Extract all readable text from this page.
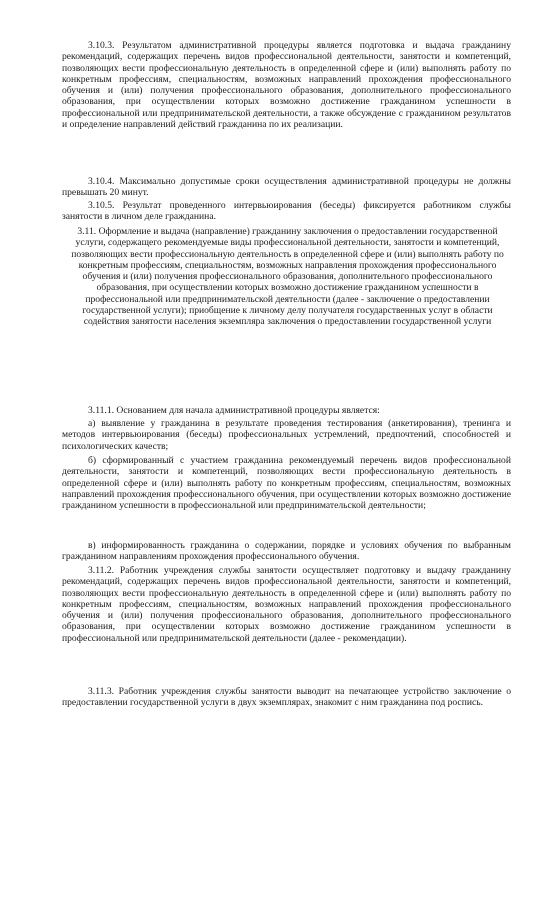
3.10.3. Результатом административной процедуры является подготовка и выдача гражданину рекомендаций, содержащих перечень видов профессиональной деятельности, занятости и компетенций, позволяющих вести профессиональную деятельность в определенной сфере и (или) выполнять работу по конкретным профессиям, специальностям, возможных направлений прохождения профессионального обучения и (или) получения профессионального образования, дополнительного профессионального образования, при осуществлении которых возможно достижение гражданином успешности в профессиональной или предпринимательской деятельности, а также обсуждение с гражданином результатов и определение направлений действий гражданина по их реализации.
3.10.4. Максимально допустимые сроки осуществления административной процедуры не должны превышать 20 минут.
3.10.5. Результат проведенного интервьюирования (беседы) фиксируется работником службы занятости в личном деле гражданина.
3.11. Оформление и выдача (направление) гражданину заключения о предоставлении государственной услуги, содержащего рекомендуемые виды профессиональной деятельности, занятости и компетенций, позволяющих вести профессиональную деятельность в определенной сфере и (или) выполнять работу по конкретным профессиям, специальностям, возможных направления прохождения профессионального обучения и (или) получения профессионального образования, дополнительного профессионального образования, при осуществлении которых возможно достижение гражданином успешности в профессиональной или предпринимательской деятельности (далее - заключение о предоставлении государственной услуги); приобщение к личному делу получателя государственных услуг в области содействия занятости населения экземпляра заключения о предоставлении государственной услуги
3.11.1. Основанием для начала административной процедуры является:
а) выявление у гражданина в результате проведения тестирования (анкетирования), тренинга и методов интервьюирования (беседы) профессиональных устремлений, предпочтений, способностей и психологических качеств;
б) сформированный с участием гражданина рекомендуемый перечень видов профессиональной деятельности, занятости и компетенций, позволяющих вести профессиональную деятельность в определенной сфере и (или) выполнять работу по конкретным профессиям, специальностям, возможных направлений прохождения профессионального обучения, при осуществлении которых возможно достижение гражданином успешности в профессиональной или предпринимательской деятельности;
в) информированность гражданина о содержании, порядке и условиях обучения по выбранным гражданином направлениям прохождения профессионального обучения.
3.11.2. Работник учреждения службы занятости осуществляет подготовку и выдачу гражданину рекомендаций, содержащих перечень видов профессиональной деятельности, занятости и компетенций, позволяющих вести профессиональную деятельность в определенной сфере и (или) выполнять работу по конкретным профессиям, специальностям, возможных направлений прохождения профессионального обучения и (или) получения профессионального образования, дополнительного профессионального образования, при осуществлении которых возможно достижение гражданином успешности в профессиональной или предпринимательской деятельности (далее - рекомендации).
3.11.3. Работник учреждения службы занятости выводит на печатающее устройство заключение о предоставлении государственной услуги в двух экземплярах, знакомит с ним гражданина под роспись.
